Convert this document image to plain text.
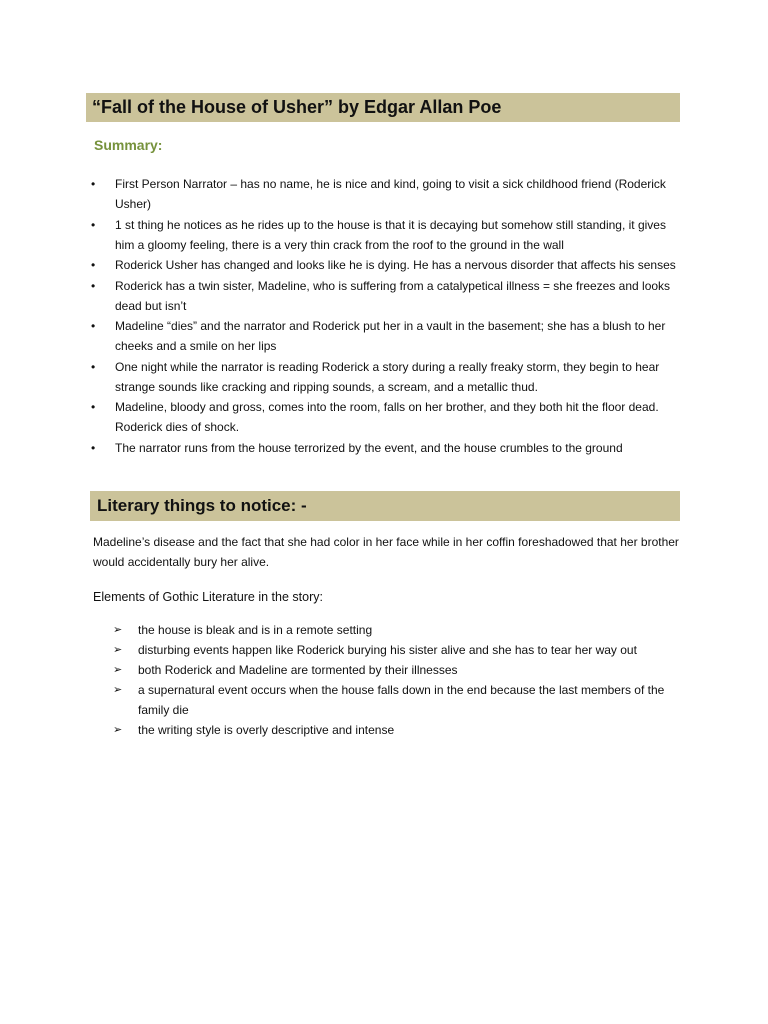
“Fall of the House of Usher” by Edgar Allan Poe
Summary:
• First Person Narrator – has no name, he is nice and kind, going to visit a sick childhood friend (Roderick Usher)
• 1 st thing he notices as he rides up to the house is that it is decaying but somehow still standing, it gives him a gloomy feeling, there is a very thin crack from the roof to the ground in the wall
• Roderick Usher has changed and looks like he is dying. He has a nervous disorder that affects his senses
• Roderick has a twin sister, Madeline, who is suffering from a catalypetical illness = she freezes and looks dead but isn’t
• Madeline “dies” and the narrator and Roderick put her in a vault in the basement; she has a blush to her cheeks and a smile on her lips
• One night while the narrator is reading Roderick a story during a really freaky storm, they begin to hear strange sounds like cracking and ripping sounds, a scream, and a metallic thud.
• Madeline, bloody and gross, comes into the room, falls on her brother, and they both hit the floor dead. Roderick dies of shock.
• The narrator runs from the house terrorized by the event, and the house crumbles to the ground
Literary things to notice: -

Madeline’s disease and the fact that she had color in her face while in her coffin foreshadowed that her brother would accidentally bury her alive.

Elements of Gothic Literature in the story:

➢ the house is bleak and is in a remote setting
➢ disturbing events happen like Roderick burying his sister alive and she has to tear her way out
➢ both Roderick and Madeline are tormented by their illnesses
➢ a supernatural event occurs when the house falls down in the end because the last members of the family die
➢ the writing style is overly descriptive and intense
